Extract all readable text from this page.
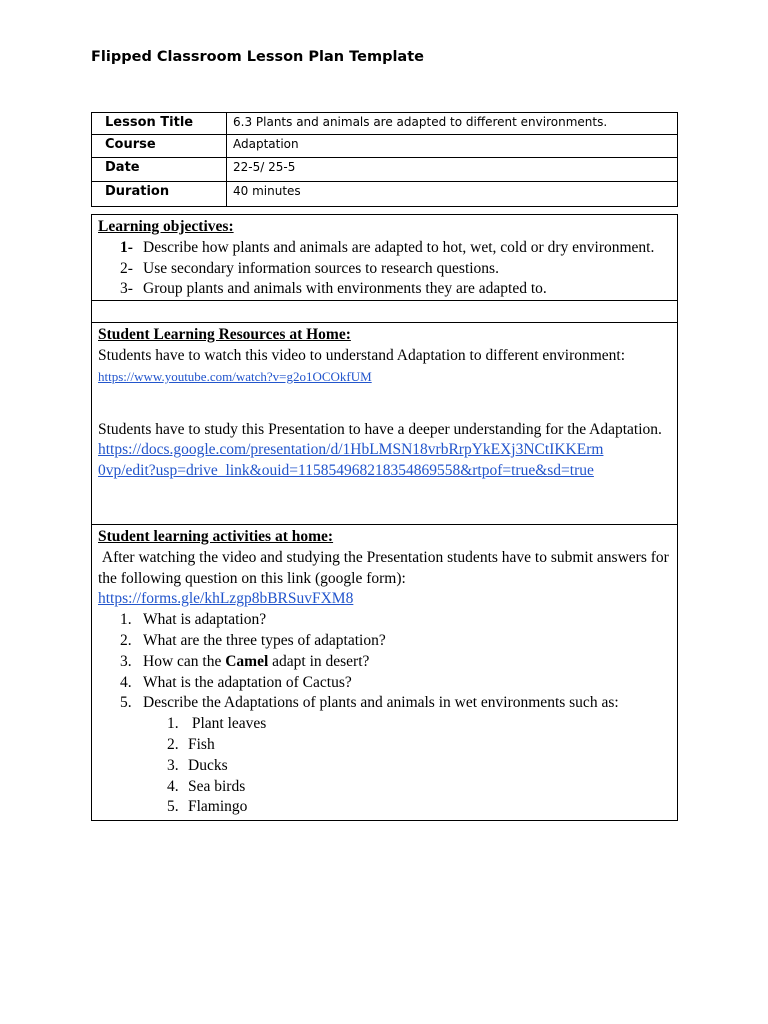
Flipped Classroom Lesson Plan Template
Lesson Title	6.3 Plants and animals are adapted to different environments.
Course	Adaptation
Date	22-5/ 25-5
Duration	40 minutes
Learning objectives:
1- Describe how plants and animals are adapted to hot, wet, cold or dry environment.
2- Use secondary information sources to research questions.
3- Group plants and animals with environments they are adapted to.
Student Learning Resources at Home:
Students have to watch this video to understand Adaptation to different environment:
https://www.youtube.com/watch?v=g2o1OCOkfUM
Students have to study this Presentation to have a deeper understanding for the Adaptation.
https://docs.google.com/presentation/d/1HbLMSN18vrbRrpYkEXj3NCtIKKErm0vp/edit?usp=drive_link&ouid=115854968218354869558&rtpof=true&sd=true
Student learning activities at home:
After watching the video and studying the Presentation students have to submit answers for the following question on this link (google form):
https://forms.gle/khLzgp8bBRSuvFXM8
1. What is adaptation?
2. What are the three types of adaptation?
3. How can the Camel adapt in desert?
4. What is the adaptation of Cactus?
5. Describe the Adaptations of plants and animals in wet environments such as:
1. Plant leaves
2. Fish
3. Ducks
4. Sea birds
5. Flamingo
